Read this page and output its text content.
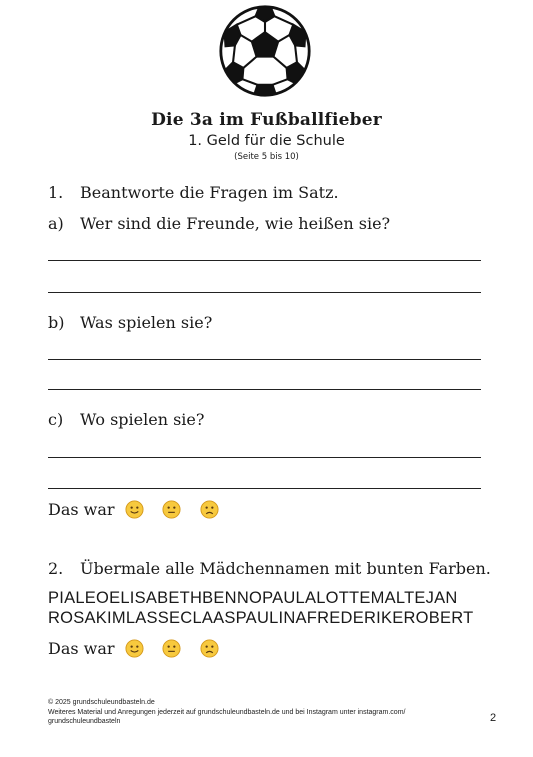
Die 3a im Fußballfieber
1. Geld für die Schule
(Seite 5 bis 10)
1. Beantworte die Fragen im Satz.
a) Wer sind die Freunde, wie heißen sie?
b) Was spielen sie?
c) Wo spielen sie?
Das war
2. Übermale alle Mädchennamen mit bunten Farben.
PIALEOELISABETHBENNOPAULALOTTEMALTEJAN
ROSAKIMLASSECLAASPAULINAFREDERIKEROBERT
Das war
© 2025 grundschuleundbasteln.de
Weiteres Material und Anregungen jederzeit auf grundschuleundbasteln.de und bei Instagram unter instagram.com/
grundschuleundbasteln	2
